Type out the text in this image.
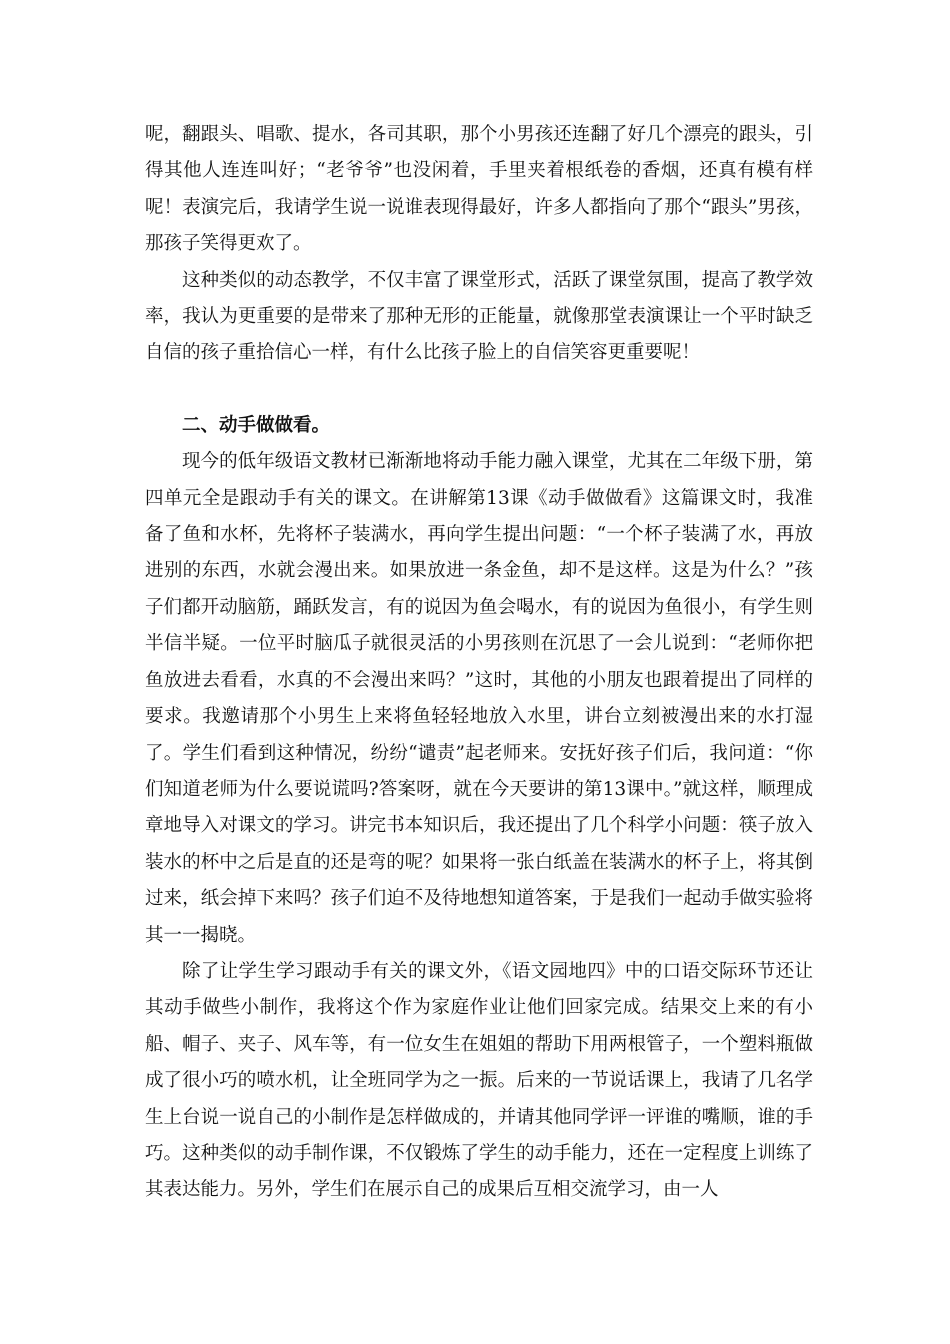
呢，翻跟头、唱歌、提水，各司其职，那个小男孩还连翻了好几个漂亮的跟头，引得其他人连连叫好；“老爷爷”也没闲着，手里夹着根纸卷的香烟，还真有模有样呢！表演完后，我请学生说一说谁表现得最好，许多人都指向了那个“跟头”男孩，那孩子笑得更欢了。

这种类似的动态教学，不仅丰富了课堂形式，活跃了课堂氛围，提高了教学效率，我认为更重要的是带来了那种无形的正能量，就像那堂表演课让一个平时缺乏自信的孩子重拾信心一样，有什么比孩子脸上的自信笑容更重要呢！

二、动手做做看。

现今的低年级语文教材已渐渐地将动手能力融入课堂，尤其在二年级下册，第四单元全是跟动手有关的课文。在讲解第13课《动手做做看》这篇课文时，我准备了鱼和水杯，先将杯子装满水，再向学生提出问题：“一个杯子装满了水，再放进别的东西，水就会漫出来。如果放进一条金鱼，却不是这样。这是为什么？”孩子们都开动脑筋，踊跃发言，有的说因为鱼会喝水，有的说因为鱼很小，有学生则半信半疑。一位平时脑瓜子就很灵活的小男孩则在沉思了一会儿说到：“老师你把鱼放进去看看，水真的不会漫出来吗？”这时，其他的小朋友也跟着提出了同样的要求。我邀请那个小男生上来将鱼轻轻地放入水里，讲台立刻被漫出来的水打湿了。学生们看到这种情况，纷纷“谴责”起老师来。安抚好孩子们后，我问道：“你们知道老师为什么要说谎吗?答案呀，就在今天要讲的第13课中。”就这样，顺理成章地导入对课文的学习。讲完书本知识后，我还提出了几个科学小问题：筷子放入装水的杯中之后是直的还是弯的呢？如果将一张白纸盖在装满水的杯子上，将其倒过来，纸会掉下来吗？孩子们迫不及待地想知道答案，于是我们一起动手做实验将其一一揭晓。

除了让学生学习跟动手有关的课文外，《语文园地四》中的口语交际环节还让其动手做些小制作，我将这个作为家庭作业让他们回家完成。结果交上来的有小船、帽子、夹子、风车等，有一位女生在姐姐的帮助下用两根管子，一个塑料瓶做成了很小巧的喷水机，让全班同学为之一振。后来的一节说话课上，我请了几名学生上台说一说自己的小制作是怎样做成的，并请其他同学评一评谁的嘴顺，谁的手巧。这种类似的动手制作课，不仅锻炼了学生的动手能力，还在一定程度上训练了其表达能力。另外，学生们在展示自己的成果后互相交流学习，由一人
